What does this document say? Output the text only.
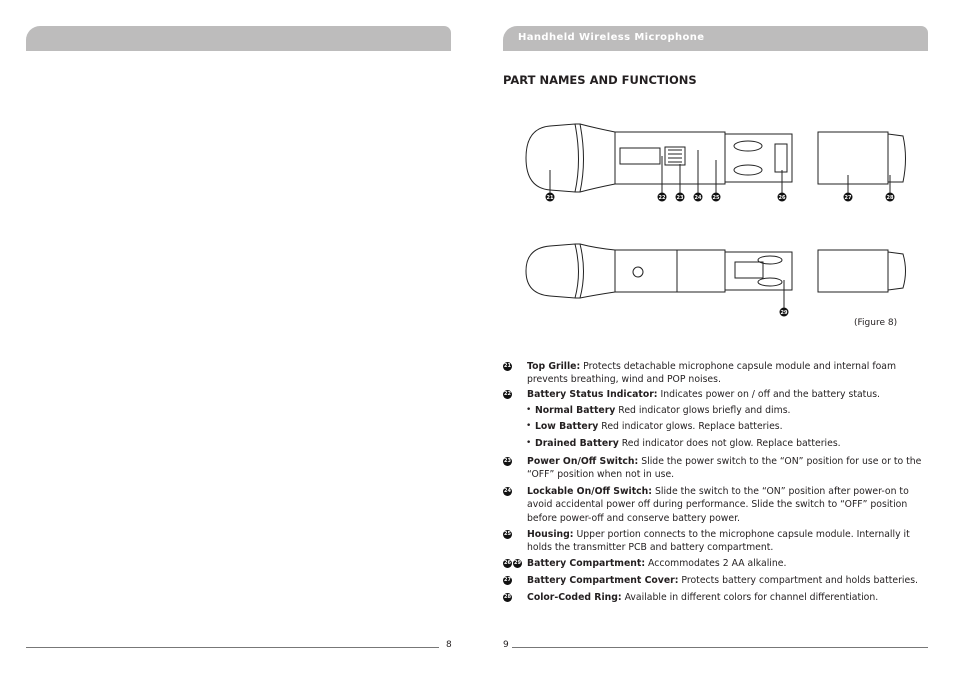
Handheld Wireless Microphone
PART NAMES AND FUNCTIONS
21	22 23 24 25	26	27	28
29
(Figure 8)
21 Top Grille: Protects detachable microphone capsule module and internal foam prevents breathing, wind and POP noises.
22 Battery Status Indicator: Indicates power on / off and the battery status.
• Normal Battery Red indicator glows briefly and dims.
• Low Battery Red indicator glows. Replace batteries.
• Drained Battery Red indicator does not glow. Replace batteries.
23 Power On/Off Switch: Slide the power switch to the “ON” position for use or to the “OFF” position when not in use.
24 Lockable On/Off Switch: Slide the switch to the “ON” position after power-on to avoid accidental power off during performance. Slide the switch to “OFF” position before power-off and conserve battery power.
25 Housing: Upper portion connects to the microphone capsule module. Internally it holds the transmitter PCB and battery compartment.
26 29 Battery Compartment: Accommodates 2 AA alkaline.
27 Battery Compartment Cover: Protects battery compartment and holds batteries.
28 Color-Coded Ring: Available in different colors for channel differentiation.
8	9
